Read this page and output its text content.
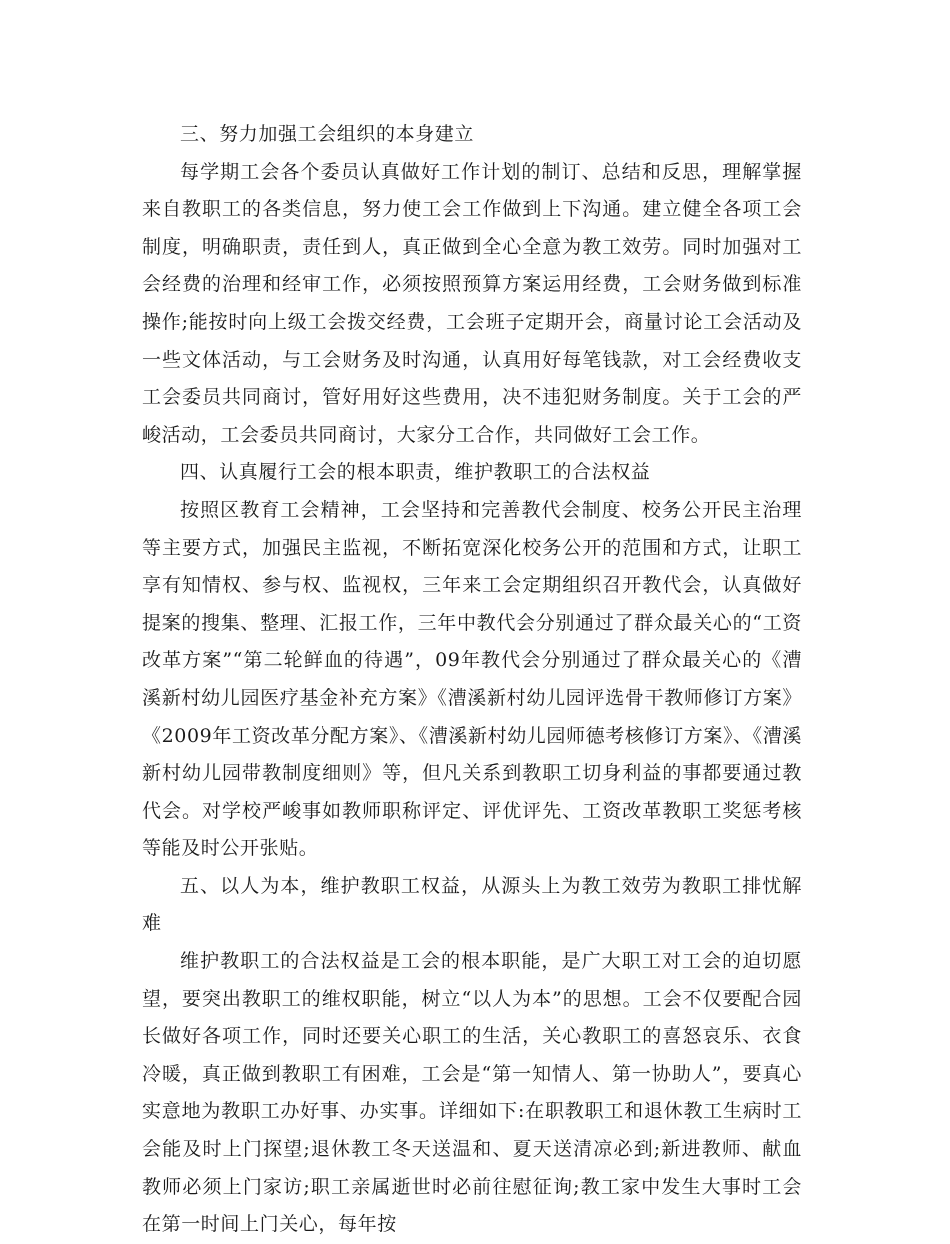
三、努力加强工会组织的本身建立

每学期工会各个委员认真做好工作计划的制订、总结和反思，理解掌握来自教职工的各类信息，努力使工会工作做到上下沟通。建立健全各项工会制度，明确职责，责任到人，真正做到全心全意为教工效劳。同时加强对工会经费的治理和经审工作，必须按照预算方案运用经费，工会财务做到标准操作;能按时向上级工会拨交经费，工会班子定期开会，商量讨论工会活动及一些文体活动，与工会财务及时沟通，认真用好每笔钱款，对工会经费收支工会委员共同商讨，管好用好这些费用，决不违犯财务制度。关于工会的严峻活动，工会委员共同商讨，大家分工合作，共同做好工会工作。

四、认真履行工会的根本职责，维护教职工的合法权益

按照区教育工会精神，工会坚持和完善教代会制度、校务公开民主治理等主要方式，加强民主监视，不断拓宽深化校务公开的范围和方式，让职工享有知情权、参与权、监视权，三年来工会定期组织召开教代会，认真做好提案的搜集、整理、汇报工作，三年中教代会分别通过了群众最关心的“工资改革方案”“第二轮鲜血的待遇”，09年教代会分别通过了群众最关心的《漕溪新村幼儿园医疗基金补充方案》《漕溪新村幼儿园评选骨干教师修订方案》《2009年工资改革分配方案》、《漕溪新村幼儿园师德考核修订方案》、《漕溪新村幼儿园带教制度细则》等，但凡关系到教职工切身利益的事都要通过教代会。对学校严峻事如教师职称评定、评优评先、工资改革教职工奖惩考核等能及时公开张贴。

五、以人为本，维护教职工权益，从源头上为教工效劳为教职工排忧解难

维护教职工的合法权益是工会的根本职能，是广大职工对工会的迫切愿望，要突出教职工的维权职能，树立“以人为本”的思想。工会不仅要配合园长做好各项工作，同时还要关心职工的生活，关心教职工的喜怒哀乐、衣食冷暖，真正做到教职工有困难，工会是“第一知情人、第一协助人”，要真心实意地为教职工办好事、办实事。详细如下:在职教职工和退休教工生病时工会能及时上门探望;退休教工冬天送温和、夏天送清凉必到;新进教师、献血教师必须上门家访;职工亲属逝世时必前往慰征询;教工家中发生大事时工会在第一时间上门关心，每年按
